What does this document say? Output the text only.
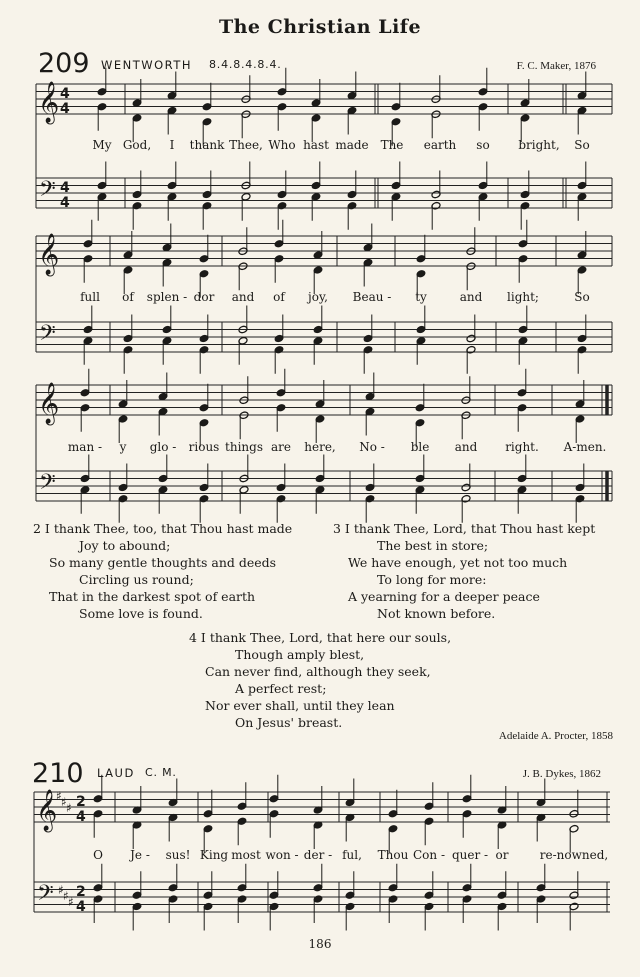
The Christian Life
209 WENTWORTH 8.4.8.4.8.4.	F. C. Maker, 1876
𝄞
𝄢
4
4
4
4
𝄞
𝄢
𝄞
𝄢
𝄞
𝄢
♯ ♯ ♯
♯ ♯ ♯
2
4
2
4
My God, I thank Thee, Who hast made The earth so bright, So
full of splen - dor and of joy, Beau - ty	and light;	So
man - y glo - rious things are here, No - ble and right. A-men.
2 I thank Thee, too, that Thou hast made
Joy to abound;
So many gentle thoughts and deeds
Circling us round;
That in the darkest spot of earth
Some love is found.
3 I thank Thee, Lord, that Thou hast kept
The best in store;
We have enough, yet not too much
To long for more:
A yearning for a deeper peace
Not known before.
4 I thank Thee, Lord, that here our souls,
Though amply blest,
Can never find, although they seek,
A perfect rest;
Nor ever shall, until they lean
On Jesus' breast.
Adelaide A. Procter, 1858
210 LAUD C. M.	J. B. Dykes, 1862
O Je - sus! King most won - der - ful, Thou Con - quer - or	re-nowned,
186
